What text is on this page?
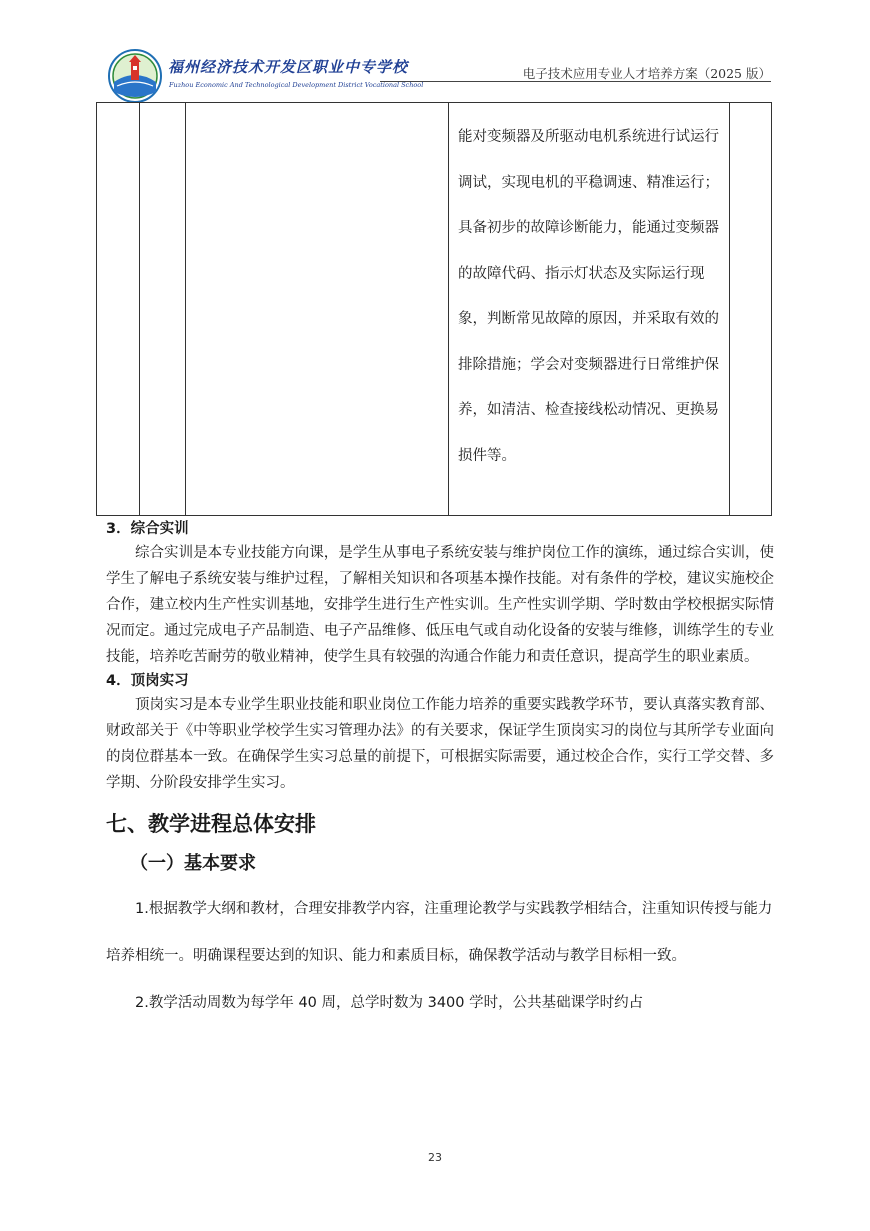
福州经济技术开发区职业中专学校
Fuzhou Economic And Technological Development District Vocational School
电子技术应用专业人才培养方案（2025 版）

能对变频器及所驱动电机系统进行试运行调试，实现电机的平稳调速、精准运行；具备初步的故障诊断能力，能通过变频器的故障代码、指示灯状态及实际运行现象，判断常见故障的原因，并采取有效的排除措施；学会对变频器进行日常维护保养，如清洁、检查接线松动情况、更换易损件等。

3．综合实训

综合实训是本专业技能方向课，是学生从事电子系统安装与维护岗位工作的演练，通过综合实训，使学生了解电子系统安装与维护过程，了解相关知识和各项基本操作技能。对有条件的学校，建议实施校企合作，建立校内生产性实训基地，安排学生进行生产性实训。生产性实训学期、学时数由学校根据实际情况而定。通过完成电子产品制造、电子产品维修、低压电气或自动化设备的安装与维修，训练学生的专业技能，培养吃苦耐劳的敬业精神，使学生具有较强的沟通合作能力和责任意识，提高学生的职业素质。

4．顶岗实习

顶岗实习是本专业学生职业技能和职业岗位工作能力培养的重要实践教学环节，要认真落实教育部、财政部关于《中等职业学校学生实习管理办法》的有关要求，保证学生顶岗实习的岗位与其所学专业面向的岗位群基本一致。在确保学生实习总量的前提下，可根据实际需要，通过校企合作，实行工学交替、多学期、分阶段安排学生实习。

七、教学进程总体安排

（一）基本要求

1.根据教学大纲和教材，合理安排教学内容，注重理论教学与实践教学相结合，注重知识传授与能力培养相统一。明确课程要达到的知识、能力和素质目标，确保教学活动与教学目标相一致。

2.教学活动周数为每学年 40 周，总学时数为 3400 学时，公共基础课学时约占

23
